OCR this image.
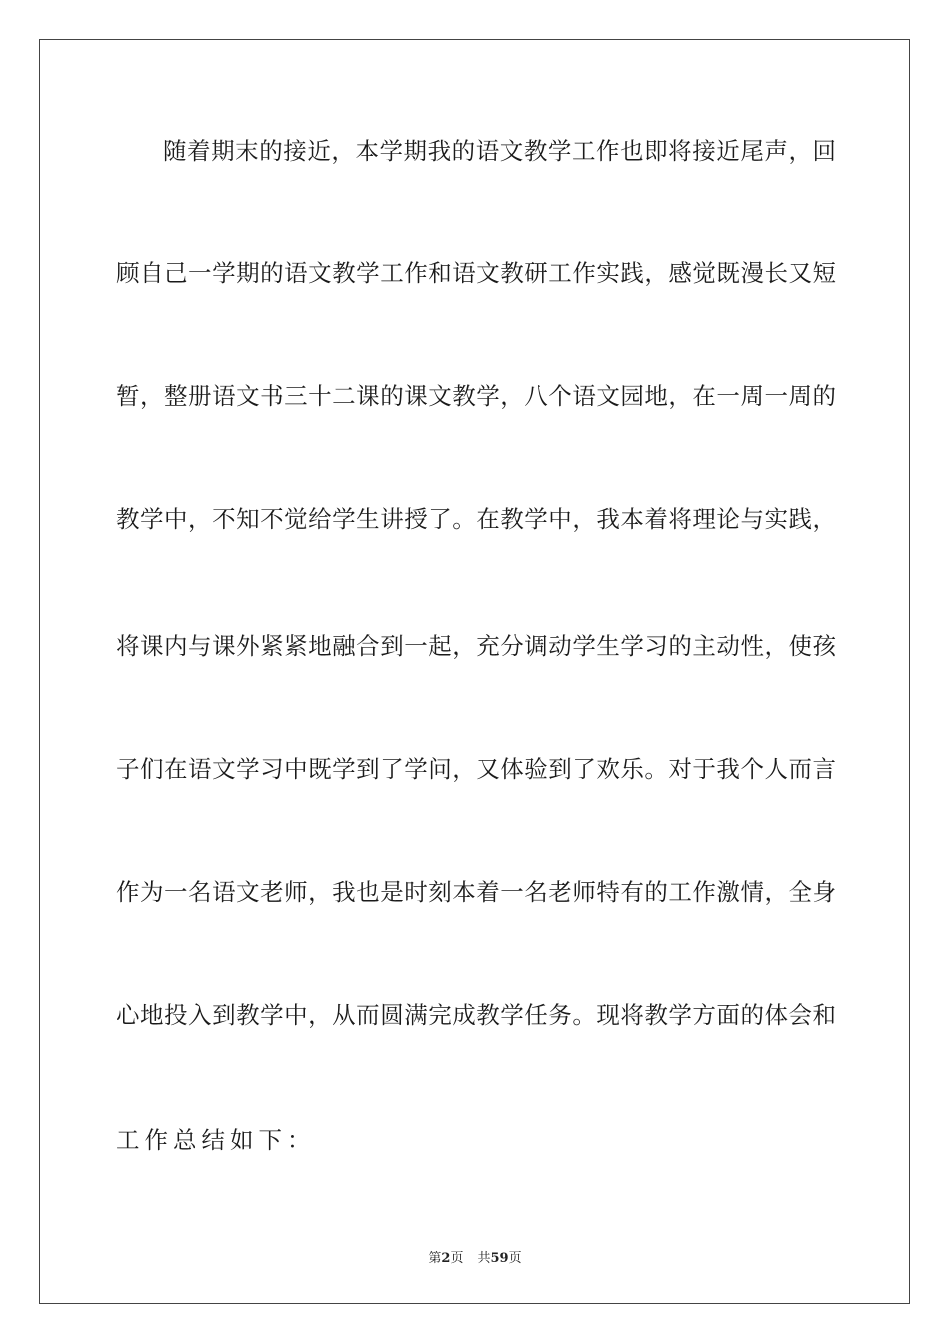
随着期末的接近，本学期我的语文教学工作也即将接近尾声，回
顾自己一学期的语文教学工作和语文教研工作实践，感觉既漫长又短
暂，整册语文书三十二课的课文教学，八个语文园地，在一周一周的
教学中，不知不觉给学生讲授了。在教学中，我本着将理论与实践，
将课内与课外紧紧地融合到一起，充分调动学生学习的主动性，使孩
子们在语文学习中既学到了学问，又体验到了欢乐。对于我个人而言
作为一名语文老师，我也是时刻本着一名老师特有的工作激情，全身
心地投入到教学中，从而圆满完成教学任务。现将教学方面的体会和
工作总结如下：
第2页 共59页
